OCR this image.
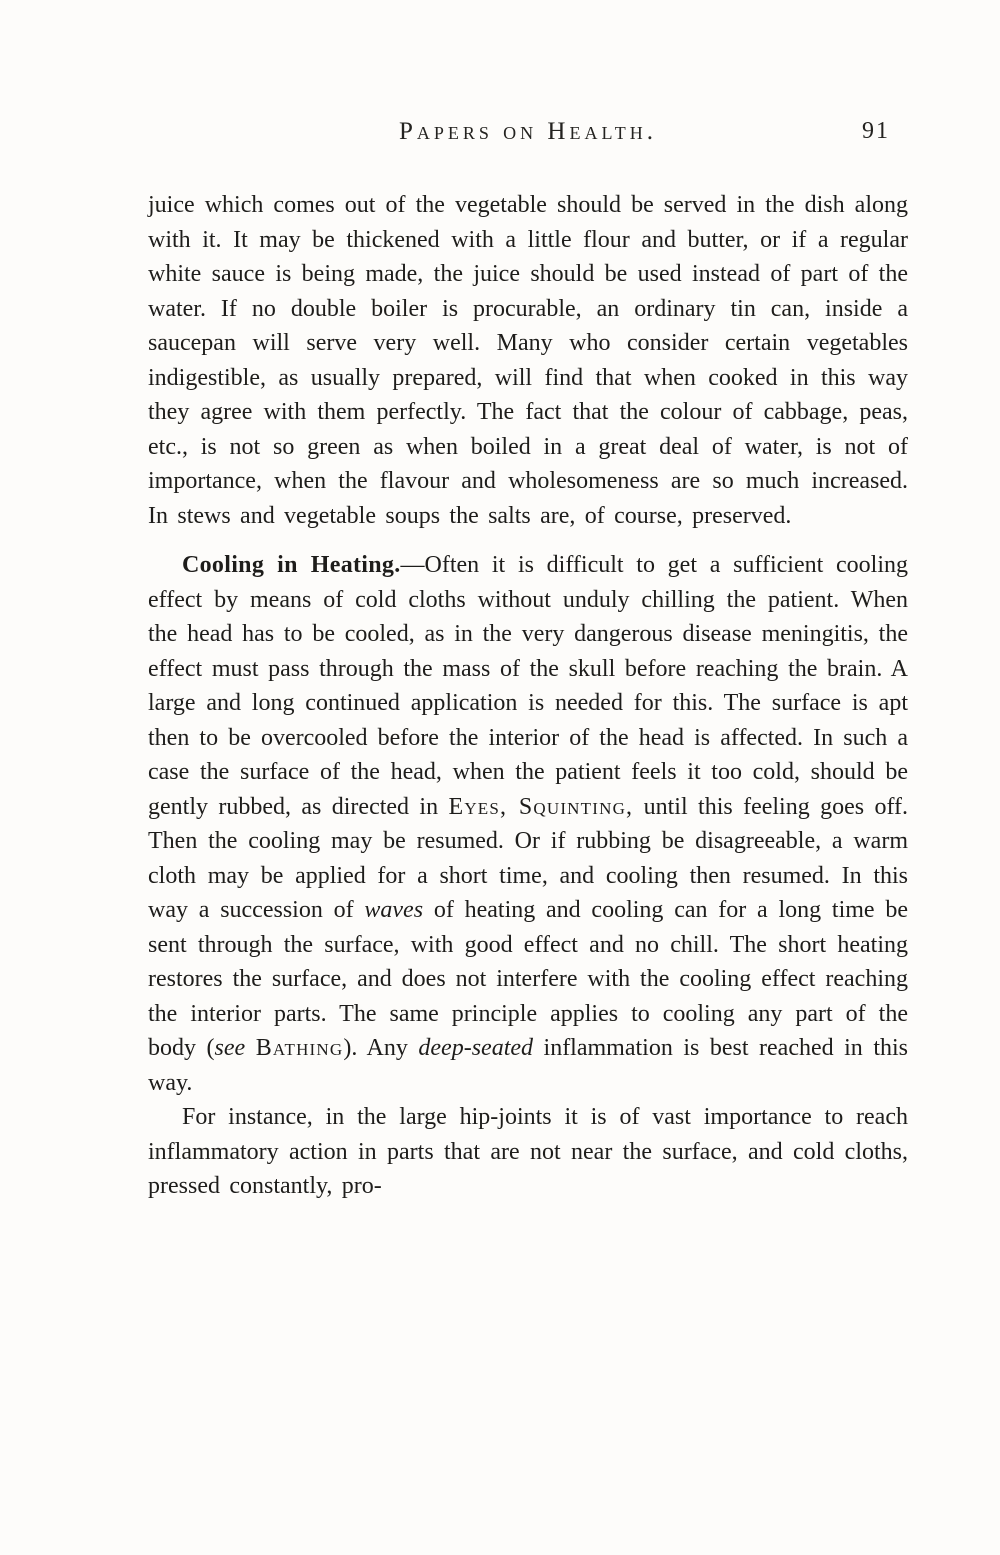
Papers on Health.	91

juice which comes out of the vegetable should be served in the dish along with it. It may be thickened with a little flour and butter, or if a regular white sauce is being made, the juice should be used instead of part of the water. If no double boiler is procurable, an ordinary tin can, inside a saucepan will serve very well. Many who consider certain vegetables indigestible, as usually prepared, will find that when cooked in this way they agree with them perfectly. The fact that the colour of cabbage, peas, etc., is not so green as when boiled in a great deal of water, is not of importance, when the flavour and wholesomeness are so much increased. In stews and vegetable soups the salts are, of course, preserved.

Cooling in Heating.—Often it is difficult to get a sufficient cooling effect by means of cold cloths without unduly chilling the patient. When the head has to be cooled, as in the very dangerous disease meningitis, the effect must pass through the mass of the skull before reaching the brain. A large and long continued application is needed for this. The surface is apt then to be overcooled before the interior of the head is affected. In such a case the surface of the head, when the patient feels it too cold, should be gently rubbed, as directed in Eyes, Squinting, until this feeling goes off. Then the cooling may be resumed. Or if rubbing be disagreeable, a warm cloth may be applied for a short time, and cooling then resumed. In this way a succession of waves of heating and cooling can for a long time be sent through the surface, with good effect and no chill. The short heating restores the surface, and does not interfere with the cooling effect reaching the interior parts. The same principle applies to cooling any part of the body (see Bathing). Any deep-seated inflammation is best reached in this way.

For instance, in the large hip-joints it is of vast importance to reach inflammatory action in parts that are not near the surface, and cold cloths, pressed constantly, pro-
